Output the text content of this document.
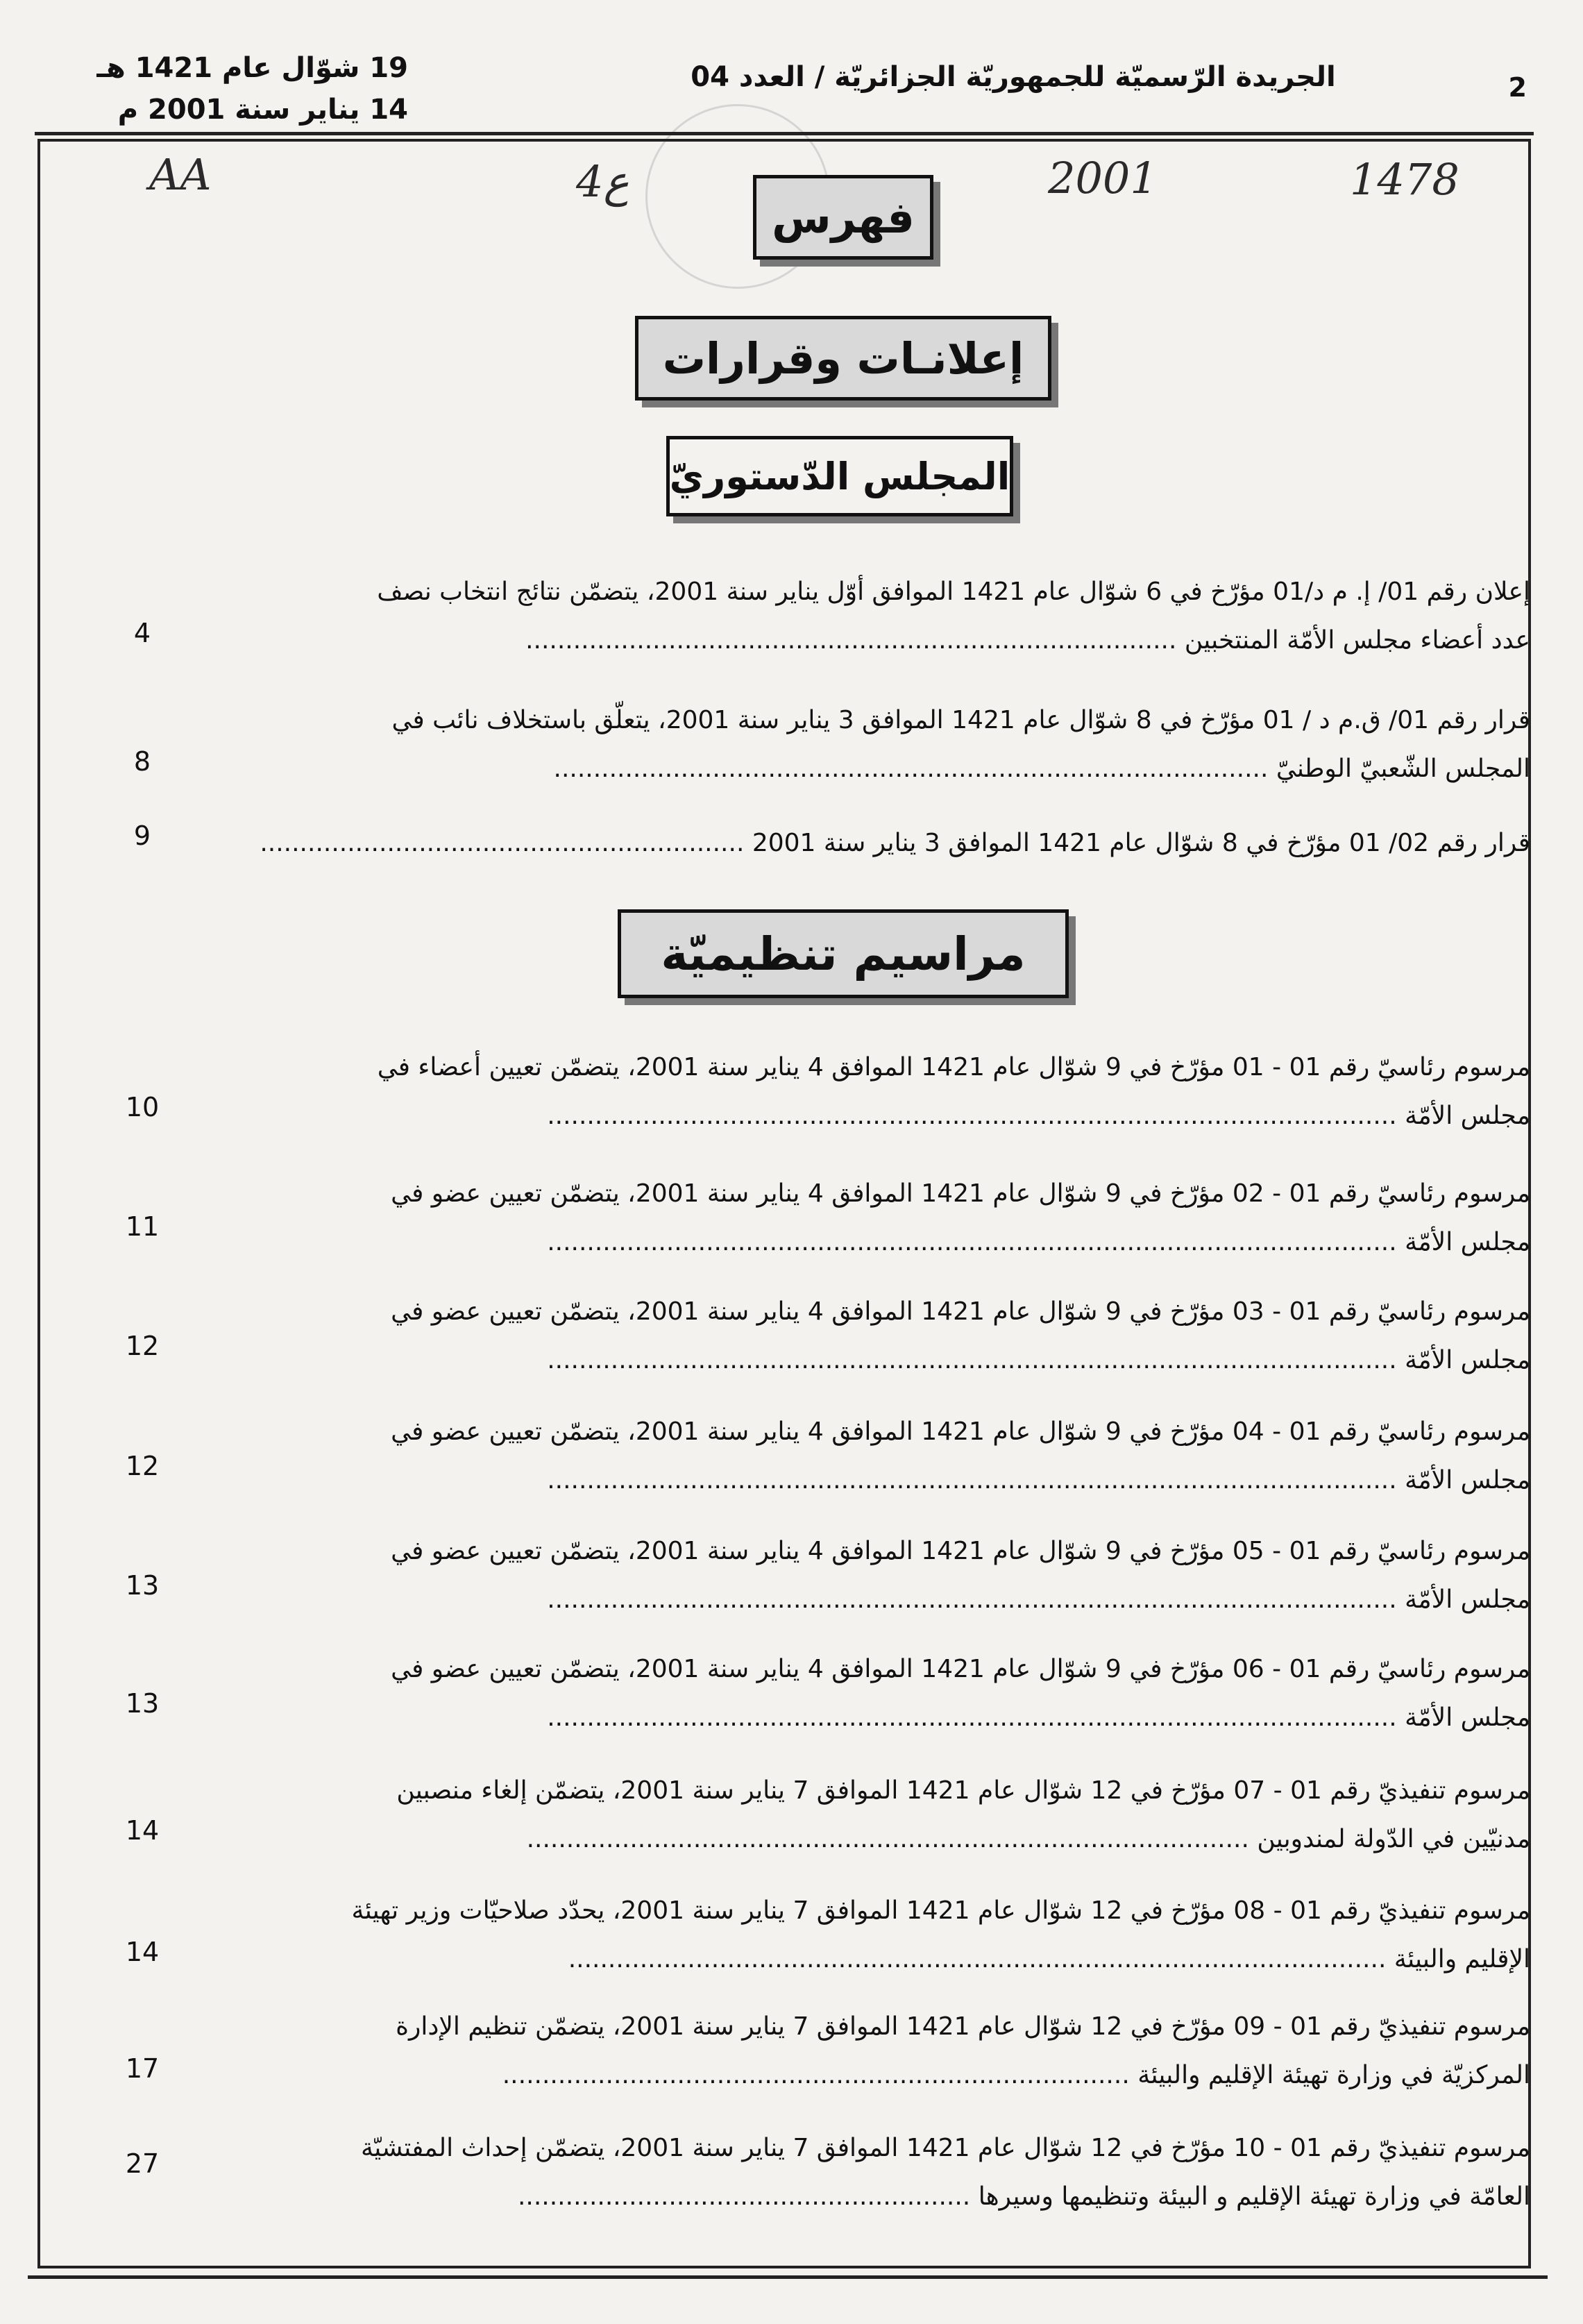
19 شوّال عام 1421 هـ
14 يناير سنة 2001 م
الجريدة الرّسميّة للجمهوريّة الجزائريّة / العدد 04	2
AA	ع4	2001	1478
فهرس
إعلانـات وقرارات
المجلس الدّستوريّ
إعلان رقم 01/ إ. م د/01 مؤرّخ في 6 شوّال عام 1421 الموافق أوّل يناير سنة 2001، يتضمّن نتائج انتخاب نصف
عدد أعضاء مجلس الأمّة المنتخبين ..................................................................................
4
قرار رقم 01/ ق.م د / 01 مؤرّخ في 8 شوّال عام 1421 الموافق 3 يناير سنة 2001، يتعلّق باستخلاف نائب في
المجلس الشّعبيّ الوطنيّ ..........................................................................................
8
قرار رقم 02/ 01 مؤرّخ في 8 شوّال عام 1421 الموافق 3 يناير سنة 2001 .............................................................
9
مراسيم تنظيميّة
مرسوم رئاسيّ رقم 01 - 01 مؤرّخ في 9 شوّال عام 1421 الموافق 4 يناير سنة 2001، يتضمّن تعيين أعضاء في
مجلس الأمّة ...........................................................................................................
10
مرسوم رئاسيّ رقم 01 - 02 مؤرّخ في 9 شوّال عام 1421 الموافق 4 يناير سنة 2001، يتضمّن تعيين عضو في
مجلس الأمّة ...........................................................................................................
11
مرسوم رئاسيّ رقم 01 - 03 مؤرّخ في 9 شوّال عام 1421 الموافق 4 يناير سنة 2001، يتضمّن تعيين عضو في
مجلس الأمّة ...........................................................................................................
12
مرسوم رئاسيّ رقم 01 - 04 مؤرّخ في 9 شوّال عام 1421 الموافق 4 يناير سنة 2001، يتضمّن تعيين عضو في
مجلس الأمّة ...........................................................................................................
12
مرسوم رئاسيّ رقم 01 - 05 مؤرّخ في 9 شوّال عام 1421 الموافق 4 يناير سنة 2001، يتضمّن تعيين عضو في
مجلس الأمّة ...........................................................................................................
13
مرسوم رئاسيّ رقم 01 - 06 مؤرّخ في 9 شوّال عام 1421 الموافق 4 يناير سنة 2001، يتضمّن تعيين عضو في
مجلس الأمّة ...........................................................................................................
13
مرسوم تنفيذيّ رقم 01 - 07 مؤرّخ في 12 شوّال عام 1421 الموافق 7 يناير سنة 2001، يتضمّن إلغاء منصبين
مدنيّين في الدّولة لمندوبين ...........................................................................................
14
مرسوم تنفيذيّ رقم 01 - 08 مؤرّخ في 12 شوّال عام 1421 الموافق 7 يناير سنة 2001، يحدّد صلاحيّات وزير تهيئة
الإقليم والبيئة .......................................................................................................
14
مرسوم تنفيذيّ رقم 01 - 09 مؤرّخ في 12 شوّال عام 1421 الموافق 7 يناير سنة 2001، يتضمّن تنظيم الإدارة
المركزيّة في وزارة تهيئة الإقليم والبيئة ...............................................................................
17
مرسوم تنفيذيّ رقم 01 - 10 مؤرّخ في 12 شوّال عام 1421 الموافق 7 يناير سنة 2001، يتضمّن إحداث المفتشيّة
العامّة في وزارة تهيئة الإقليم و البيئة وتنظيمها وسيرها .........................................................
27
